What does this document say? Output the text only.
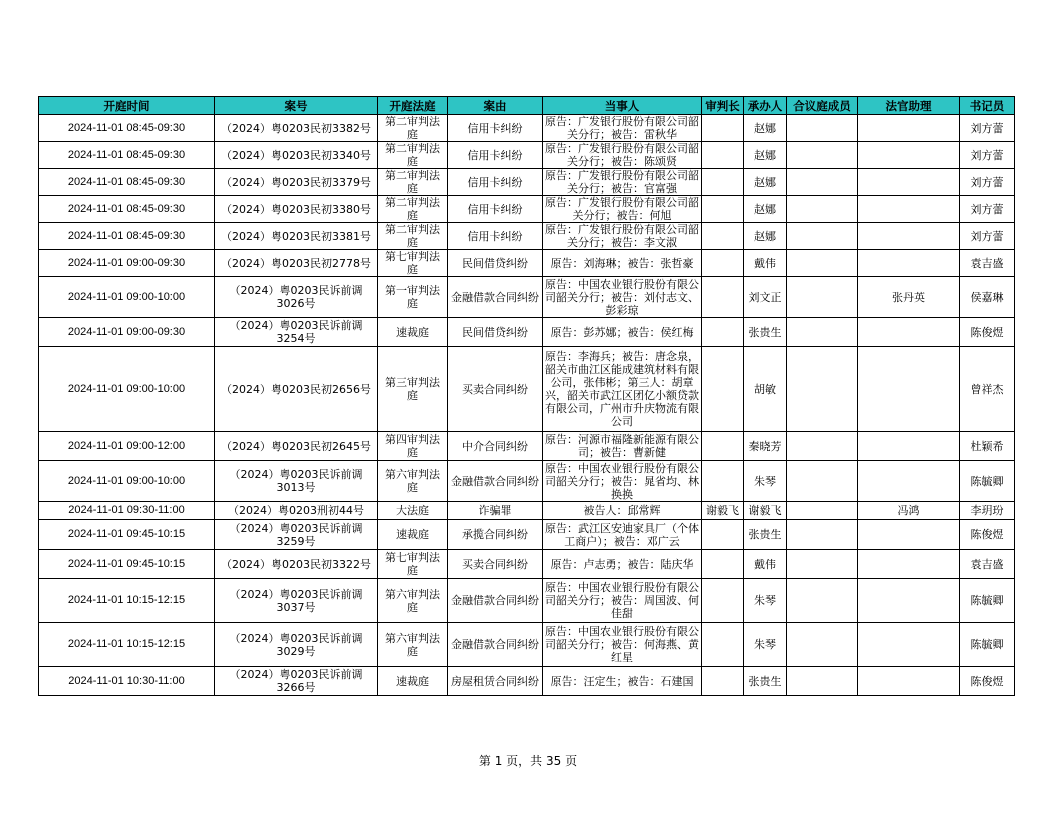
开庭时间	案号	开庭法庭	案由	当事人	审判长	承办人	合议庭成员	法官助理	书记员

2024-11-01 08:45-09:30	（2024）粤0203民初3382号	第二审判法庭	信用卡纠纷	原告：广发银行股份有限公司韶关分行；被告：雷秋华		赵娜			刘方蕾

2024-11-01 08:45-09:30	（2024）粤0203民初3340号	第二审判法庭	信用卡纠纷	原告：广发银行股份有限公司韶关分行；被告：陈颂贤		赵娜			刘方蕾

2024-11-01 08:45-09:30	（2024）粤0203民初3379号	第二审判法庭	信用卡纠纷	原告：广发银行股份有限公司韶关分行；被告：官富强		赵娜			刘方蕾

2024-11-01 08:45-09:30	（2024）粤0203民初3380号	第二审判法庭	信用卡纠纷	原告：广发银行股份有限公司韶关分行；被告：何旭		赵娜			刘方蕾

2024-11-01 08:45-09:30	（2024）粤0203民初3381号	第二审判法庭	信用卡纠纷	原告：广发银行股份有限公司韶关分行；被告：李文淑		赵娜			刘方蕾

2024-11-01 09:00-09:30	（2024）粤0203民初2778号	第七审判法庭	民间借贷纠纷	原告：刘海琳；被告：张哲豪		戴伟			袁吉盛

2024-11-01 09:00-10:00	（2024）粤0203民诉前调3026号	第一审判法庭	金融借款合同纠纷	原告：中国农业银行股份有限公司韶关分行；被告：刘付志文、彭彩琼		刘文正		张丹英	侯嘉琳

2024-11-01 09:00-09:30	（2024）粤0203民诉前调3254号	速裁庭	民间借贷纠纷	原告：彭苏娜；被告：侯红梅		张贵生			陈俊煜

2024-11-01 09:00-10:00	（2024）粤0203民初2656号	第三审判法庭	买卖合同纠纷	原告：李海兵；被告：唐念泉，韶关市曲江区能成建筑材料有限公司，张伟彬；第三人：胡章兴，韶关市武江区团亿小额贷款有限公司，广州市升庆物流有限公司		胡敏			曾祥杰

2024-11-01 09:00-12:00	（2024）粤0203民初2645号	第四审判法庭	中介合同纠纷	原告：河源市福隆新能源有限公司；被告：曹新健		秦晓芳			杜颖希

2024-11-01 09:00-10:00	（2024）粤0203民诉前调3013号	第六审判法庭	金融借款合同纠纷	原告：中国农业银行股份有限公司韶关分行；被告：晁省均、林换换		朱琴			陈毓卿

2024-11-01 09:30-11:00	（2024）粤0203刑初44号	大法庭	诈骗罪	被告人：邱常辉	谢毅飞	谢毅飞		冯鸿	李玥玢

2024-11-01 09:45-10:15	（2024）粤0203民诉前调3259号	速裁庭	承揽合同纠纷	原告：武江区安迪家具厂（个体工商户）；被告：邓广云		张贵生			陈俊煜

2024-11-01 09:45-10:15	（2024）粤0203民初3322号	第七审判法庭	买卖合同纠纷	原告：卢志勇；被告：陆庆华		戴伟			袁吉盛

2024-11-01 10:15-12:15	（2024）粤0203民诉前调3037号	第六审判法庭	金融借款合同纠纷	原告：中国农业银行股份有限公司韶关分行；被告：周国波、何佳甜		朱琴			陈毓卿

2024-11-01 10:15-12:15	（2024）粤0203民诉前调3029号	第六审判法庭	金融借款合同纠纷	原告：中国农业银行股份有限公司韶关分行；被告：何海燕、黄红星		朱琴			陈毓卿

2024-11-01 10:30-11:00	（2024）粤0203民诉前调3266号	速裁庭	房屋租赁合同纠纷	原告：汪定生；被告：石建国		张贵生			陈俊煜
第 1 页，共 35 页
